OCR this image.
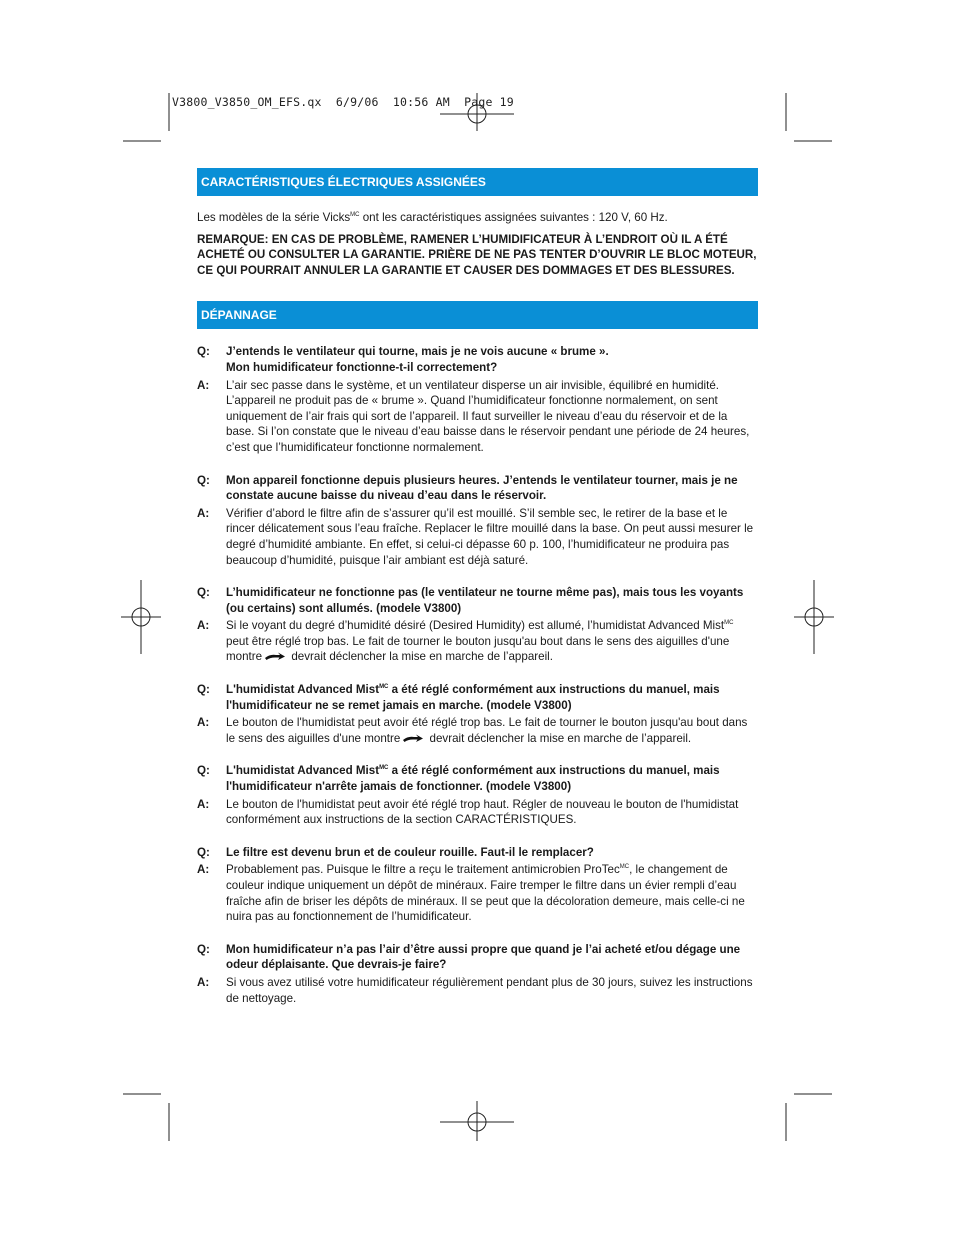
V3800_V3850_OM_EFS.qx  6/9/06  10:56 AM  Page 19
CARACTÉRISTIQUES ÉLECTRIQUES ASSIGNÉES

Les modèles de la série Vicks$^{MC}$ ont les caractéristiques assignées suivantes : 120 V, 60 Hz.

REMARQUE: EN CAS DE PROBLÈME, RAMENER L’HUMIDIFICATEUR À L’ENDROIT OÙ IL A ÉTÉ ACHETÉ OU CONSULTER LA GARANTIE. PRIÈRE DE NE PAS TENTER D’OUVRIR LE BLOC MOTEUR, CE QUI POURRAIT ANNULER LA GARANTIE ET CAUSER DES DOMMAGES ET DES BLESSURES.

DÉPANNAGE
Q:	J’entends le ventilateur qui tourne, mais je ne vois aucune « brume ».
Mon humidificateur fonctionne-t-il correctement?
A:	L’air sec passe dans le système, et un ventilateur disperse un air invisible, équilibré en humidité. L’appareil ne produit pas de « brume ». Quand l’humidificateur fonctionne normalement, on sent uniquement de l’air frais qui sort de l’appareil. Il faut surveiller le niveau d’eau du réservoir et de la base. Si l’on constate que le niveau d’eau baisse dans le réservoir pendant une période de 24 heures, c’est que l’humidificateur fonctionne normalement.
Q:	Mon appareil fonctionne depuis plusieurs heures. J’entends le ventilateur tourner, mais je ne constate aucune baisse du niveau d’eau dans le réservoir.
A:	Vérifier d’abord le filtre afin de s’assurer qu’il est mouillé. S’il semble sec, le retirer de la base et le rincer délicatement sous l’eau fraîche. Replacer le filtre mouillé dans la base. On peut aussi mesurer le degré d’humidité ambiante. En effet, si celui-ci dépasse 60 p. 100, l’humidificateur ne produira pas beaucoup d’humidité, puisque l’air ambiant est déjà saturé.
Q:	L’humidificateur ne fonctionne pas (le ventilateur ne tourne même pas), mais tous les voyants (ou certains) sont allumés. (modele V3800)
A:	Si le voyant du degré d’humidité désiré (Desired Humidity) est allumé, l’humidistat Advanced Mist$^{MC}$ peut être réglé trop bas. Le fait de tourner le bouton jusqu'au bout dans le sens des aiguilles d'une montre devrait déclencher la mise en marche de l’appareil.
Q:	L'humidistat Advanced Mist$^{MC}$ a été réglé conformément aux instructions du manuel, mais l'humidificateur ne se remet jamais en marche. (modele V3800)
A:	Le bouton de l'humidistat peut avoir été réglé trop bas. Le fait de tourner le bouton jusqu'au bout dans le sens des aiguilles d'une montre devrait déclencher la mise en marche de l’appareil.
Q:	L'humidistat Advanced Mist$^{MC}$ a été réglé conformément aux instructions du manuel, mais l'humidificateur n'arrête jamais de fonctionner. (modele V3800)
A:	Le bouton de l'humidistat peut avoir été réglé trop haut. Régler de nouveau le bouton de l'humidistat conformément aux instructions de la section CARACTÉRISTIQUES.
Q:	Le filtre est devenu brun et de couleur rouille. Faut-il le remplacer?
A:	Probablement pas. Puisque le filtre a reçu le traitement antimicrobien ProTec$^{MC}$, le changement de couleur indique uniquement un dépôt de minéraux. Faire tremper le filtre dans un évier rempli d’eau fraîche afin de briser les dépôts de minéraux. Il se peut que la décoloration demeure, mais celle-ci ne nuira pas au fonctionnement de l’humidificateur.
Q:	Mon humidificateur n’a pas l’air d’être aussi propre que quand je l’ai acheté et/ou dégage une odeur déplaisante. Que devrais-je faire?
A:	Si vous avez utilisé votre humidificateur régulièrement pendant plus de 30 jours, suivez les instructions de nettoyage.
